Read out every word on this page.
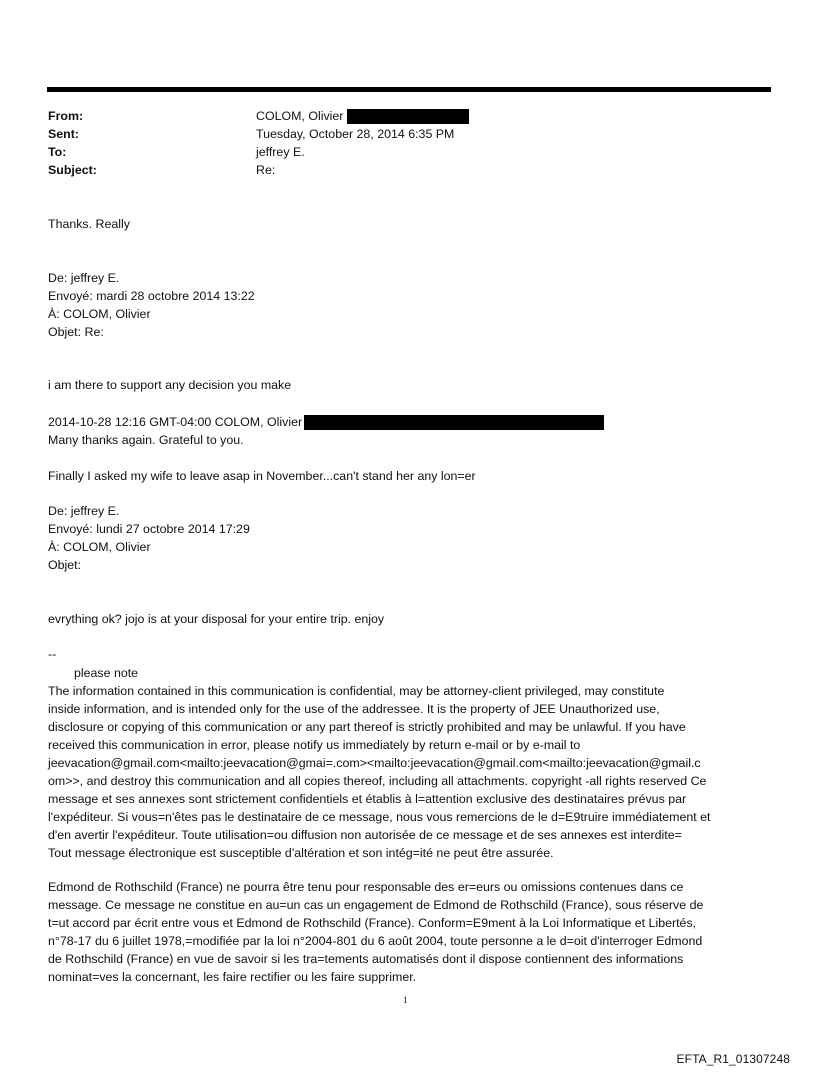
From:	COLOM, Olivier
Sent:	Tuesday, October 28, 2014 6:35 PM
To:	jeffrey E.
Subject:	Re:
Thanks. Really
De: jeffrey E.
Envoyé: mardi 28 octobre 2014 13:22
À: COLOM, Olivier
Objet: Re:
i am there to support any decision you make
2014-10-28 12:16 GMT-04:00 COLOM, Olivier
Many thanks again. Grateful to you.
Finally I asked my wife to leave asap in November...can't stand her any lon=er
De: jeffrey E.
Envoyé: lundi 27 octobre 2014 17:29
À: COLOM, Olivier
Objet:
evrything ok? jojo is at your disposal for your entire trip. enjoy
--
please note
The information contained in this communication is confidential, may be attorney-client privileged, may constitute
inside information, and is intended only for the use of the addressee. It is the property of JEE Unauthorized use,
disclosure or copying of this communication or any part thereof is strictly prohibited and may be unlawful. If you have
received this communication in error, please notify us immediately by return e-mail or by e-mail to
jeevacation@gmail.com<mailto:jeevacation@gmai=.com><mailto:jeevacation@gmail.com<mailto:jeevacation@gmail.c
om>>, and destroy this communication and all copies thereof, including all attachments. copyright -all rights reserved Ce
message et ses annexes sont strictement confidentiels et établis à l=attention exclusive des destinataires prévus par
l'expéditeur. Si vous=n'êtes pas le destinataire de ce message, nous vous remercions de le d=E9truire immédiatement et
d'en avertir l'expéditeur. Toute utilisation=ou diffusion non autorisée de ce message et de ses annexes est interdite=
Tout message électronique est susceptible d'altération et son intég=ité ne peut être assurée.
Edmond de Rothschild (France) ne pourra être tenu pour responsable des er=eurs ou omissions contenues dans ce
message. Ce message ne constitue en au=un cas un engagement de Edmond de Rothschild (France), sous réserve de
t=ut accord par écrit entre vous et Edmond de Rothschild (France). Conform=E9ment à la Loi Informatique et Libertés,
n°78-17 du 6 juillet 1978,=modifiée par la loi n°2004-801 du 6 août 2004, toute personne a le d=oit d'interroger Edmond
de Rothschild (France) en vue de savoir si les tra=tements automatisés dont il dispose contiennent des informations
nominat=ves la concernant, les faire rectifier ou les faire supprimer.
1
EFTA_R1_01307248
